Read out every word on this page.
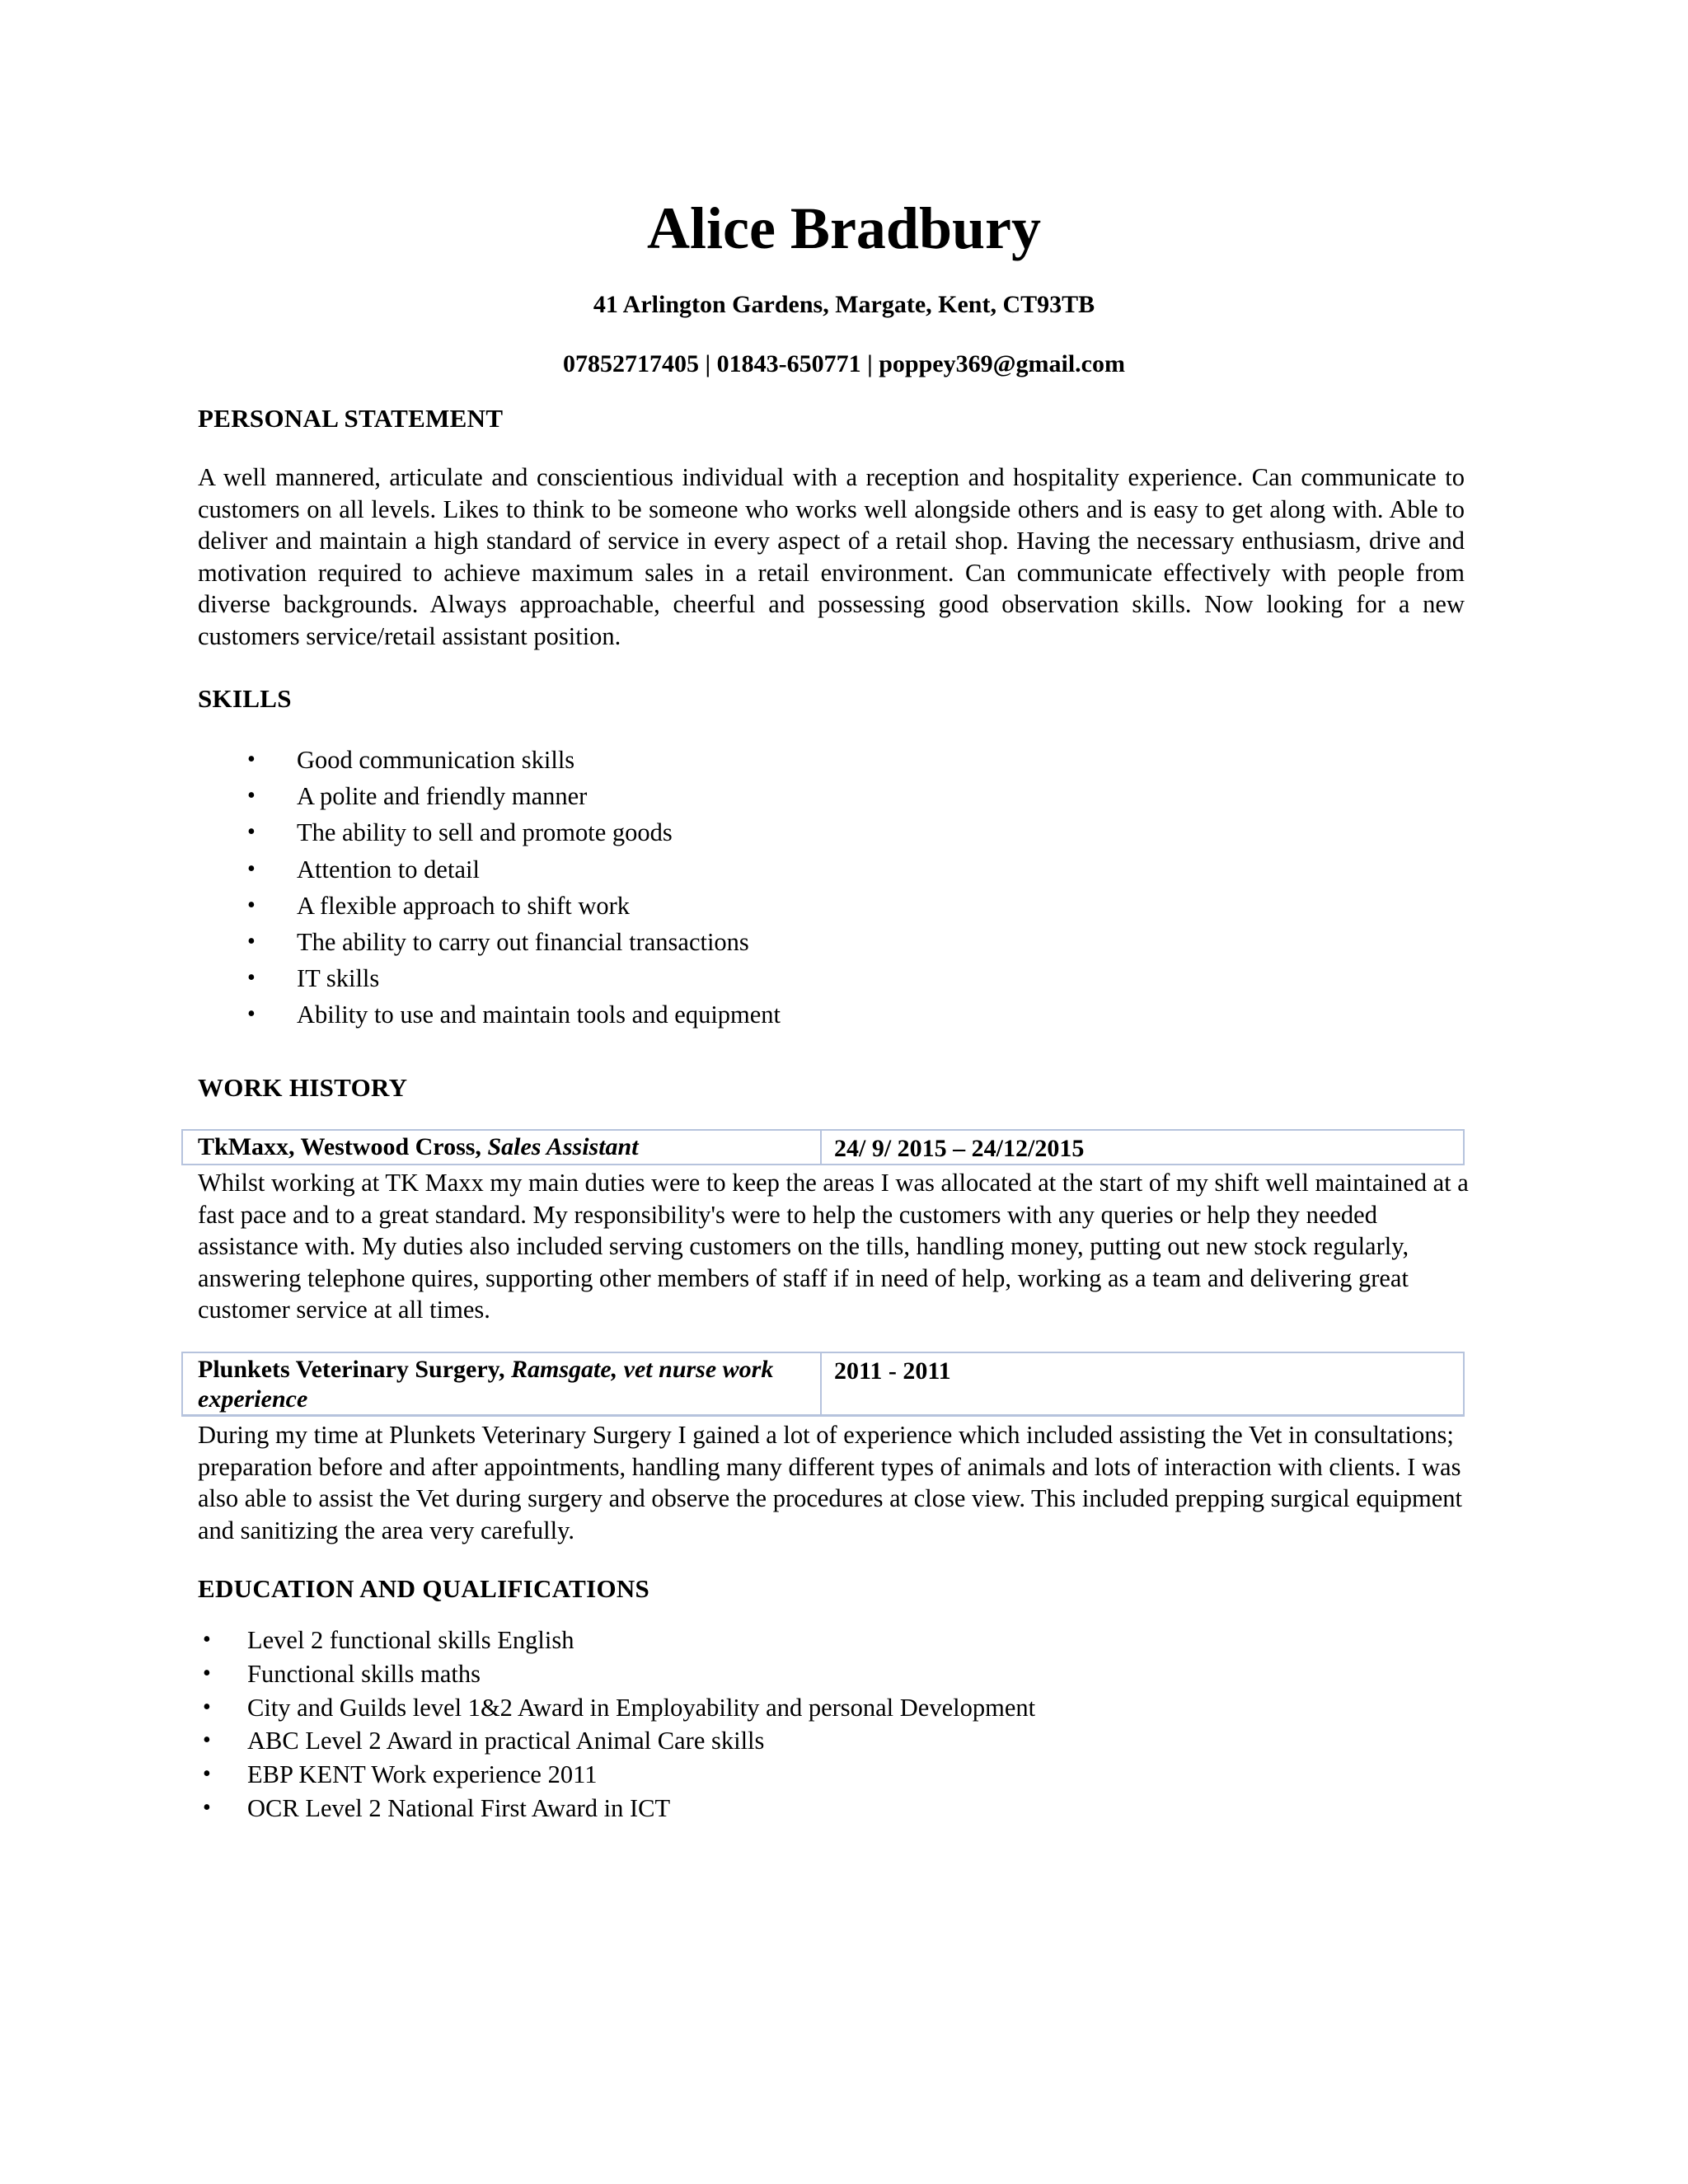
Alice Bradbury
41 Arlington Gardens, Margate, Kent, CT93TB
07852717405 | 01843-650771 | poppey369@gmail.com
PERSONAL STATEMENT
A well mannered, articulate and conscientious individual with a reception and hospitality experience. Can communicate to customers on all levels. Likes to think to be someone who works well alongside others and is easy to get along with. Able to deliver and maintain a high standard of service in every aspect of a retail shop. Having the necessary enthusiasm, drive and motivation required to achieve maximum sales in a retail environment. Can communicate effectively with people from diverse backgrounds. Always approachable, cheerful and possessing good observation skills. Now looking for a new customers service/retail assistant position.
SKILLS
• Good communication skills
• A polite and friendly manner
• The ability to sell and promote goods
• Attention to detail
• A flexible approach to shift work
• The ability to carry out financial transactions
• IT skills
• Ability to use and maintain tools and equipment
WORK HISTORY
TkMaxx, Westwood Cross, Sales Assistant	24/ 9/ 2015 – 24/12/2015
Whilst working at TK Maxx my main duties were to keep the areas I was allocated at the start of my shift well maintained at a fast pace and to a great standard. My responsibility's were to help the customers with any queries or help they needed assistance with. My duties also included serving customers on the tills, handling money, putting out new stock regularly, answering telephone quires, supporting other members of staff if in need of help, working as a team and delivering great customer service at all times.
Plunkets Veterinary Surgery, Ramsgate, vet nurse work experience
2011 - 2011
During my time at Plunkets Veterinary Surgery I gained a lot of experience which included assisting the Vet in consultations; preparation before and after appointments, handling many different types of animals and lots of interaction with clients. I was also able to assist the Vet during surgery and observe the procedures at close view. This included prepping surgical equipment and sanitizing the area very carefully.
EDUCATION AND QUALIFICATIONS
• Level 2 functional skills English
• Functional skills maths
• City and Guilds level 1&2 Award in Employability and personal Development
• ABC Level 2 Award in practical Animal Care skills
• EBP KENT Work experience 2011
• OCR Level 2 National First Award in ICT
